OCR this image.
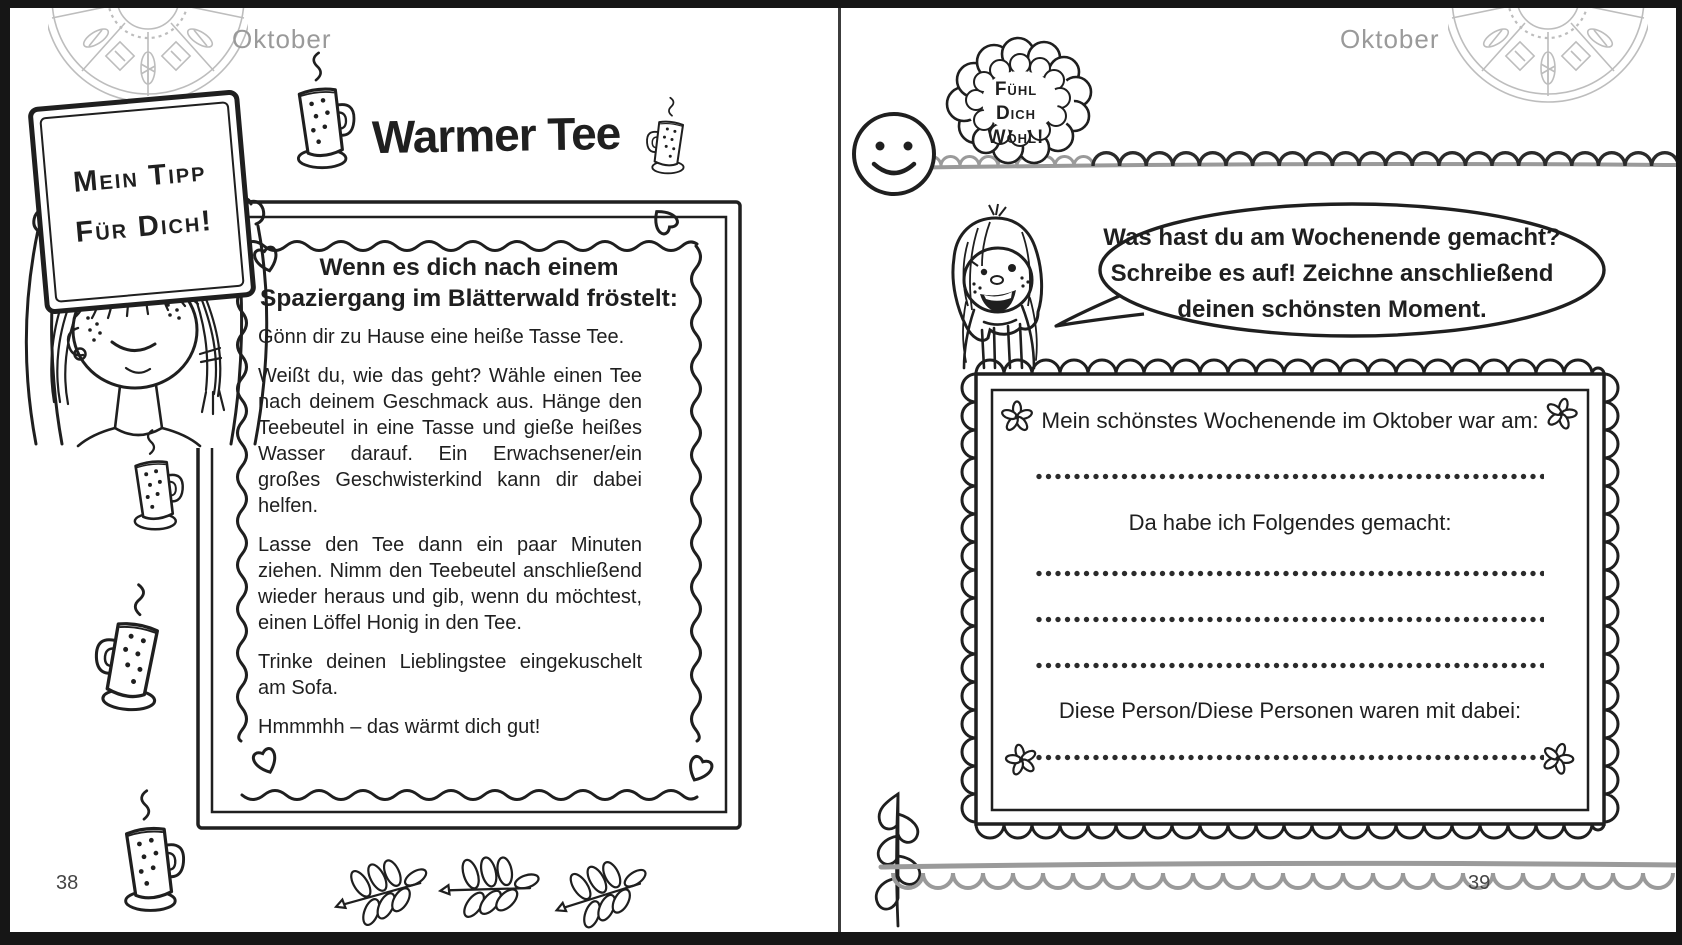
Oktober
Wenn es dich nach einem
Spaziergang im Blätterwald fröstelt:

Gönn dir zu Hause eine heiße Tasse Tee.

Weißt du, wie das geht? Wähle einen Tee nach deinem Geschmack aus. Hänge den Teebeutel in eine Tasse und gieße heißes Wasser darauf. Ein Erwachsener/ein großes Geschwisterkind kann dir dabei helfen.

Lasse den Tee dann ein paar Minuten ziehen. Nimm den Teebeutel anschließend wieder heraus und gib, wenn du möchtest, einen Löffel Honig in den Tee.

Trinke deinen Lieblingstee eingekuschelt am Sofa.

Hmmmhh – das wärmt dich gut!

Warmer Tee
Mein Tipp
Für Dich!
38
Fühl
Dich
Wohl!
Oktober
Was hast du am Wochenende gemacht?
Schreibe es auf! Zeichne anschließend
deinen schönsten Moment.
Mein schönstes Wochenende im Oktober war am:
Da habe ich Folgendes gemacht:
Diese Person/Diese Personen waren mit dabei:
39
